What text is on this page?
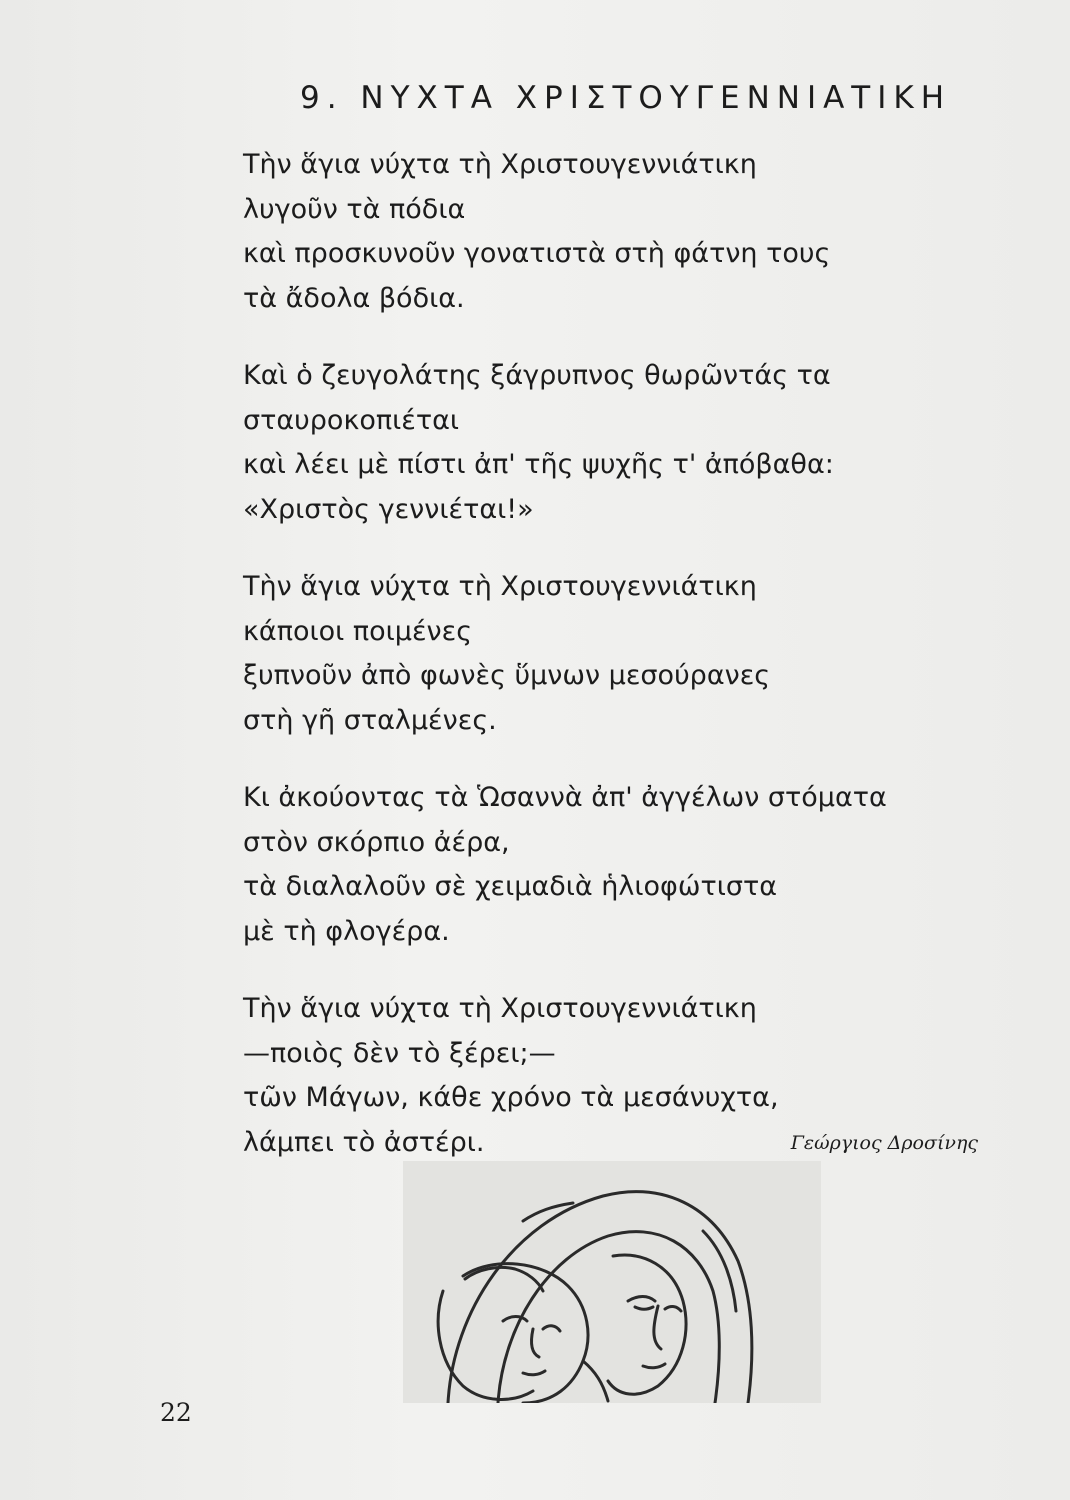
9. ΝΥΧΤΑ ΧΡΙΣΤΟΥΓΕΝΝΙΑΤΙΚΗ
Τὴν ἅγια νύχτα τὴ Χριστουγεννιάτικη
λυγοῦν τὰ πόδια
καὶ προσκυνοῦν γονατιστὰ στὴ φάτνη τους
τὰ ἄδολα βόδια.
Καὶ ὁ ζευγολάτης ξάγρυπνος θωρῶντάς τα
σταυροκοπιέται
καὶ λέει μὲ πίστι ἀπ' τῆς ψυχῆς τ' ἀπόβαθα:
«Χριστὸς γεννιέται!»
Τὴν ἅγια νύχτα τὴ Χριστουγεννιάτικη
κάποιοι ποιμένες
ξυπνοῦν ἀπὸ φωνὲς ὕμνων μεσούρανες
στὴ γῆ σταλμένες.
Κι ἀκούοντας τὰ Ὡσαννὰ ἀπ' ἀγγέλων στόματα
στὸν σκόρπιο ἀέρα,
τὰ διαλαλοῦν σὲ χειμαδιὰ ἡλιοφώτιστα
μὲ τὴ φλογέρα.
Τὴν ἅγια νύχτα τὴ Χριστουγεννιάτικη
—ποιὸς δὲν τὸ ξέρει;—
τῶν Μάγων, κάθε χρόνο τὰ μεσάνυχτα,
λάμπει τὸ ἀστέρι.	Γεώργιος Δροσίνης
22
